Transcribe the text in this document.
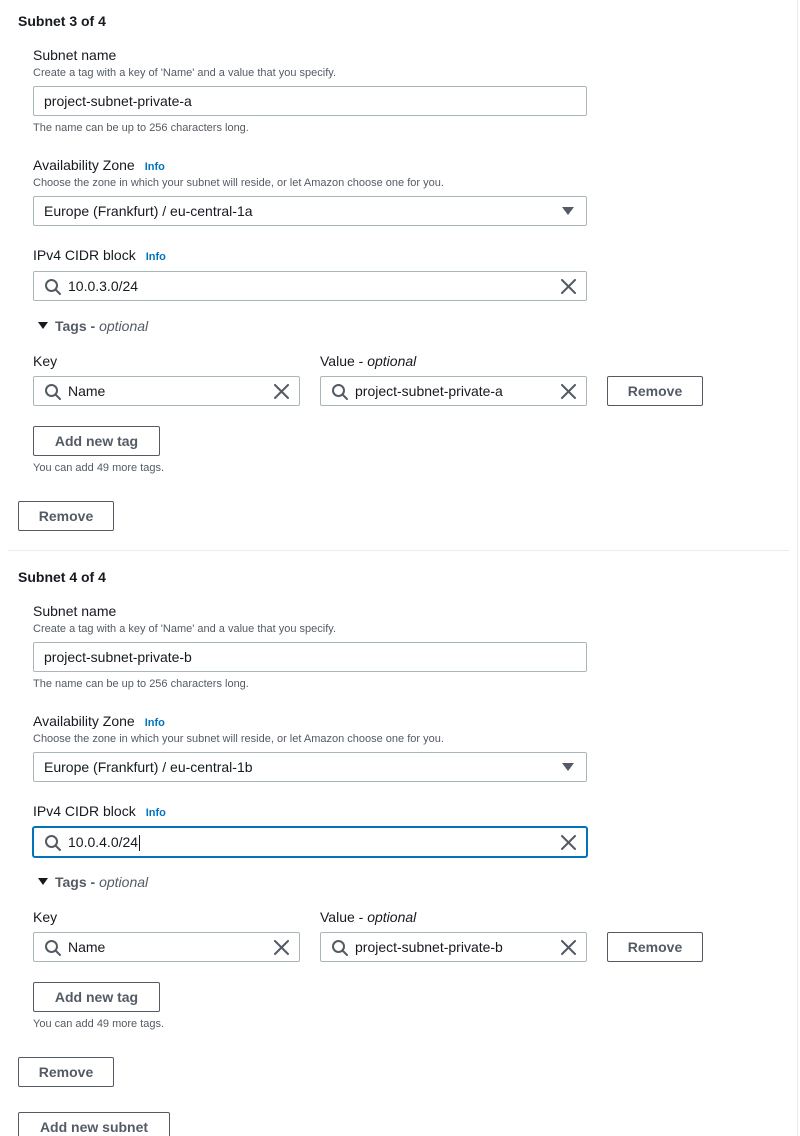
Subnet 3 of 4
Subnet name
Create a tag with a key of 'Name' and a value that you specify.
project-subnet-private-a
The name can be up to 256 characters long.
Availability Zone Info
Choose the zone in which your subnet will reside, or let Amazon choose one for you.
Europe (Frankfurt) / eu-central-1a
IPv4 CIDR block Info
10.0.3.0/24
Tags - optional
Key	Value - optional
Name	project-subnet-private-a	Remove
Add new tag
You can add 49 more tags.
Remove
Subnet 4 of 4
Subnet name
Create a tag with a key of 'Name' and a value that you specify.
project-subnet-private-b
The name can be up to 256 characters long.
Availability Zone Info
Choose the zone in which your subnet will reside, or let Amazon choose one for you.
Europe (Frankfurt) / eu-central-1b
IPv4 CIDR block Info
10.0.4.0/24
Tags - optional
Key	Value - optional
Name	project-subnet-private-b	Remove
Add new tag
You can add 49 more tags.
Remove
Add new subnet
